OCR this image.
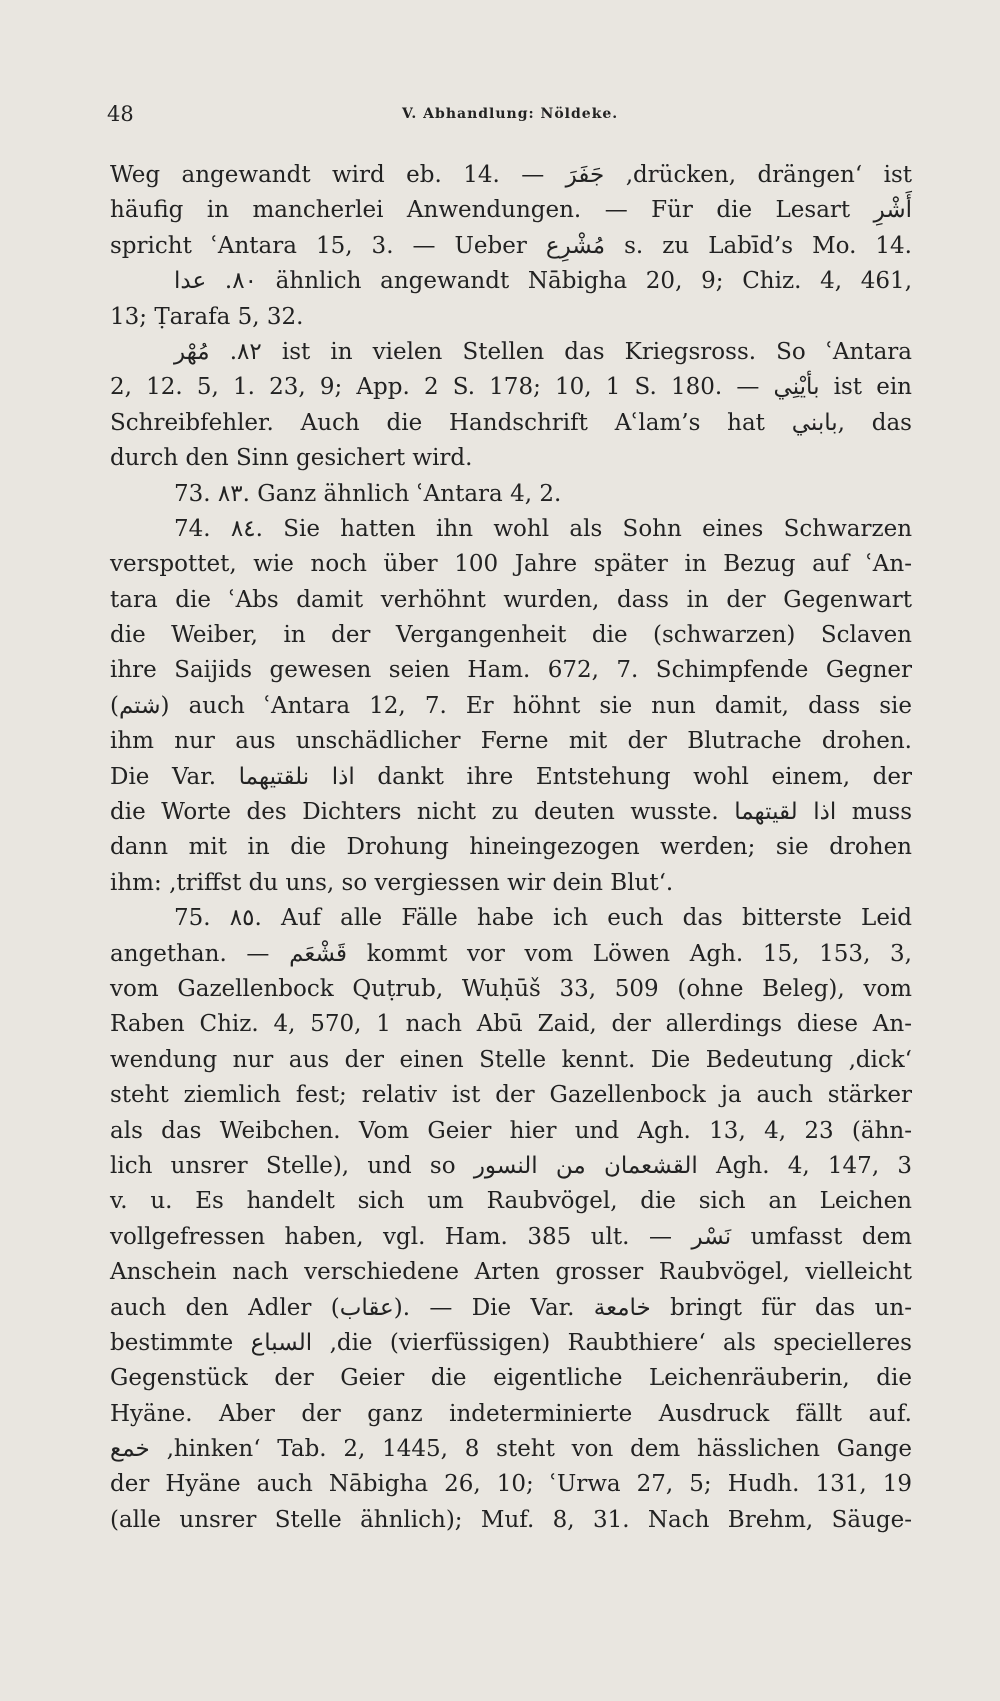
48	V. Abhandlung: Nöldeke.
Weg angewandt wird eb. 14. — جَفَرَ ‚drücken, drängen‘ ist
häufig in mancherlei Anwendungen. — Für die Lesart أَشْرِ
spricht ʿAntara 15, 3. — Ueber مُشْرِع s. zu Labīd’s Mo. 14.
٨٠. عدا ähnlich angewandt Nābigha 20, 9; Chiz. 4, 461,
13; Ṭarafa 5, 32.
٨٢. مُهْر ist in vielen Stellen das Kriegsross. So ʿAntara
2, 12. 5, 1. 23, 9; App. 2 S. 178; 10, 1 S. 180. — بأيْنِي ist ein
Schreibfehler. Auch die Handschrift Aʿlam’s hat بابني, das
durch den Sinn gesichert wird.
73. ٨٣. Ganz ähnlich ʿAntara 4, 2.
74. ٨٤. Sie hatten ihn wohl als Sohn eines Schwarzen
verspottet, wie noch über 100 Jahre später in Bezug auf ʿAn-
tara die ʿAbs damit verhöhnt wurden, dass in der Gegenwart
die Weiber, in der Vergangenheit die (schwarzen) Sclaven
ihre Saijids gewesen seien Ham. 672, 7. Schimpfende Gegner
(شتم) auch ʿAntara 12, 7. Er höhnt sie nun damit, dass sie
ihm nur aus unschädlicher Ferne mit der Blutrache drohen.
Die Var. اذا نلقتيهما dankt ihre Entstehung wohl einem, der
die Worte des Dichters nicht zu deuten wusste. اذا لقيتهما muss
dann mit in die Drohung hineingezogen werden; sie drohen
ihm: ‚triffst du uns, so vergiessen wir dein Blut‘.
75. ٨٥. Auf alle Fälle habe ich euch das bitterste Leid
angethan. — قَشْعَم kommt vor vom Löwen Agh. 15, 153, 3,
vom Gazellenbock Quṭrub, Wuḥūš 33, 509 (ohne Beleg), vom
Raben Chiz. 4, 570, 1 nach Abū Zaid, der allerdings diese An-
wendung nur aus der einen Stelle kennt. Die Bedeutung ‚dick‘
steht ziemlich fest; relativ ist der Gazellenbock ja auch stärker
als das Weibchen. Vom Geier hier und Agh. 13, 4, 23 (ähn-
lich unsrer Stelle), und so القشعمان من النسور Agh. 4, 147, 3
v. u. Es handelt sich um Raubvögel, die sich an Leichen
vollgefressen haben, vgl. Ham. 385 ult. — نَسْر umfasst dem
Anschein nach verschiedene Arten grosser Raubvögel, vielleicht
auch den Adler (عقاب). — Die Var. خامعة bringt für das un-
bestimmte السباع ‚die (vierfüssigen) Raubthiere‘ als specielleres
Gegenstück der Geier die eigentliche Leichenräuberin, die
Hyäne. Aber der ganz indeterminierte Ausdruck fällt auf.
خمع ‚hinken‘ Tab. 2, 1445, 8 steht von dem hässlichen Gange
der Hyäne auch Nābigha 26, 10; ʿUrwa 27, 5; Hudh. 131, 19
(alle unsrer Stelle ähnlich); Muf. 8, 31. Nach Brehm, Säuge-
